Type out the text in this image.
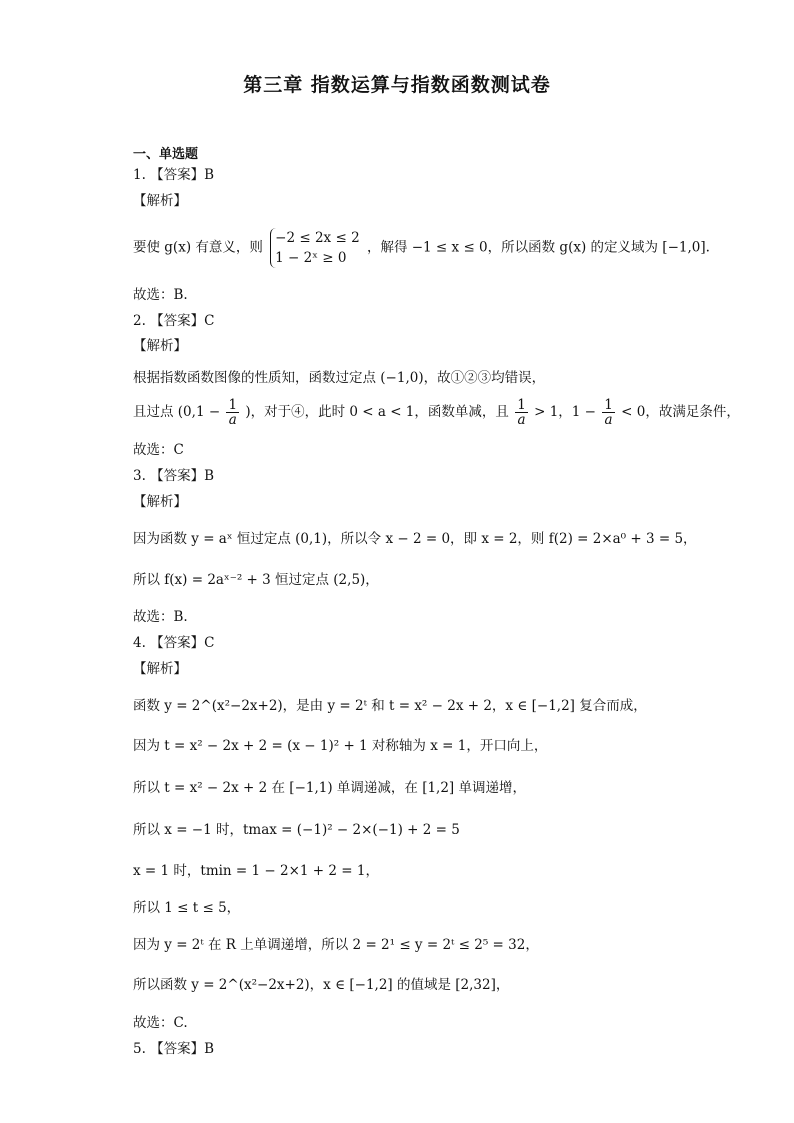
第三章 指数运算与指数函数测试卷
一、单选题
1. 【答案】B
【解析】
要使 g(x) 有意义，则
−2 ≤ 2x ≤ 2
1 − 2ˣ ≥ 0
，解得 −1 ≤ x ≤ 0，所以函数 g(x) 的定义域为 [−1,0].
故选：B.
2. 【答案】C
【解析】
根据指数函数图像的性质知，函数过定点 (−1,0)，故①②③均错误，
且过点 ($0,1 - \frac{1}{a}$ )，对于④，此时 0 < a < 1，函数单减，且 $\frac{1}{a} > 1$，$1 - \frac{1}{a} < 0$，故满足条件，
故选：C
3. 【答案】B
【解析】
因为函数 y = aˣ 恒过定点 (0,1)，所以令 x − 2 = 0，即 x = 2，则 f(2) = 2×a⁰ + 3 = 5，
所以 f(x) = 2aˣ⁻² + 3 恒过定点 (2,5)，
故选：B.
4. 【答案】C
【解析】
函数 y = 2^(x²−2x+2)，是由 y = 2ᵗ 和 t = x² − 2x + 2，x ∈ [−1,2] 复合而成，
因为 t = x² − 2x + 2 = (x − 1)² + 1 对称轴为 x = 1，开口向上，
所以 t = x² − 2x + 2 在 [−1,1) 单调递减，在 [1,2] 单调递增，
所以 x = −1 时，tmax = (−1)² − 2×(−1) + 2 = 5
x = 1 时，tmin = 1 − 2×1 + 2 = 1，
所以 1 ≤ t ≤ 5，
因为 y = 2ᵗ 在 R 上单调递增，所以 2 = 2¹ ≤ y = 2ᵗ ≤ 2⁵ = 32，
所以函数 y = 2^(x²−2x+2)，x ∈ [−1,2] 的值域是 [2,32]，
故选：C.
5. 【答案】B
